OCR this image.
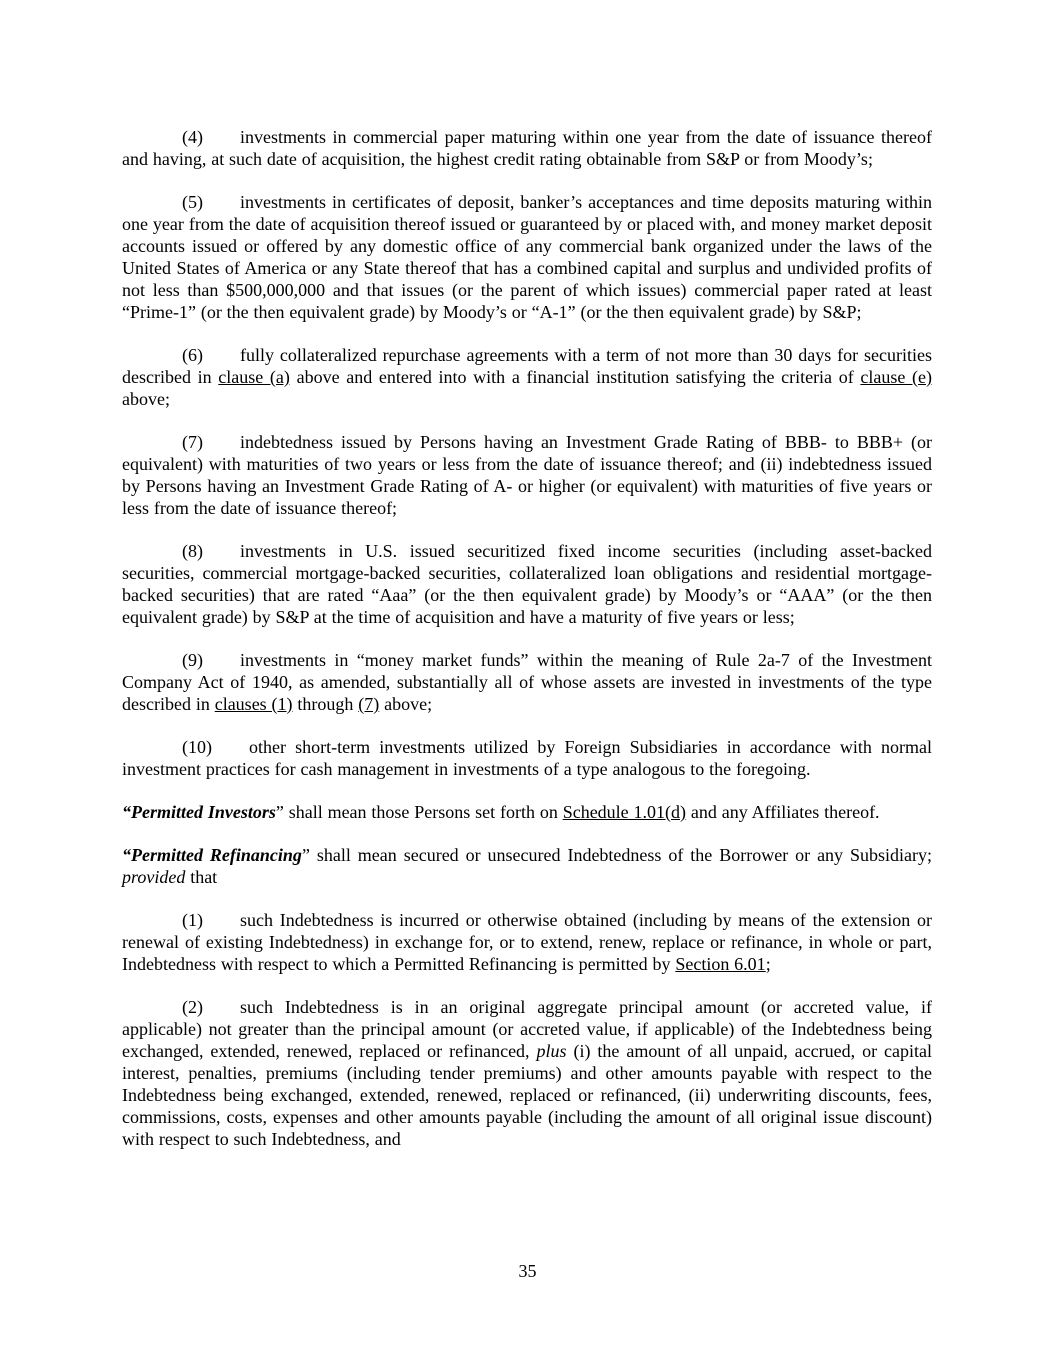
(4) investments in commercial paper maturing within one year from the date of issuance thereof and having, at such date of acquisition, the highest credit rating obtainable from S&P or from Moody’s;

(5) investments in certificates of deposit, banker’s acceptances and time deposits maturing within one year from the date of acquisition thereof issued or guaranteed by or placed with, and money market deposit accounts issued or offered by any domestic office of any commercial bank organized under the laws of the United States of America or any State thereof that has a combined capital and surplus and undivided profits of not less than $500,000,000 and that issues (or the parent of which issues) commercial paper rated at least “Prime-1” (or the then equivalent grade) by Moody’s or “A-1” (or the then equivalent grade) by S&P;

(6) fully collateralized repurchase agreements with a term of not more than 30 days for securities described in clause (a) above and entered into with a financial institution satisfying the criteria of clause (e) above;

(7) indebtedness issued by Persons having an Investment Grade Rating of BBB- to BBB+ (or equivalent) with maturities of two years or less from the date of issuance thereof; and (ii) indebtedness issued by Persons having an Investment Grade Rating of A- or higher (or equivalent) with maturities of five years or less from the date of issuance thereof;

(8) investments in U.S. issued securitized fixed income securities (including asset-backed securities, commercial mortgage-backed securities, collateralized loan obligations and residential mortgage-backed securities) that are rated “Aaa” (or the then equivalent grade) by Moody’s or “AAA” (or the then equivalent grade) by S&P at the time of acquisition and have a maturity of five years or less;

(9) investments in “money market funds” within the meaning of Rule 2a-7 of the Investment Company Act of 1940, as amended, substantially all of whose assets are invested in investments of the type described in clauses (1) through (7) above;

(10) other short-term investments utilized by Foreign Subsidiaries in accordance with normal investment practices for cash management in investments of a type analogous to the foregoing.

“Permitted Investors” shall mean those Persons set forth on Schedule 1.01(d) and any Affiliates thereof.

“Permitted Refinancing” shall mean secured or unsecured Indebtedness of the Borrower or any Subsidiary; provided that

(1) such Indebtedness is incurred or otherwise obtained (including by means of the extension or renewal of existing Indebtedness) in exchange for, or to extend, renew, replace or refinance, in whole or part, Indebtedness with respect to which a Permitted Refinancing is permitted by Section 6.01;

(2) such Indebtedness is in an original aggregate principal amount (or accreted value, if applicable) not greater than the principal amount (or accreted value, if applicable) of the Indebtedness being exchanged, extended, renewed, replaced or refinanced, plus (i) the amount of all unpaid, accrued, or capital interest, penalties, premiums (including tender premiums) and other amounts payable with respect to the Indebtedness being exchanged, extended, renewed, replaced or refinanced, (ii) underwriting discounts, fees, commissions, costs, expenses and other amounts payable (including the amount of all original issue discount) with respect to such Indebtedness, and

35
